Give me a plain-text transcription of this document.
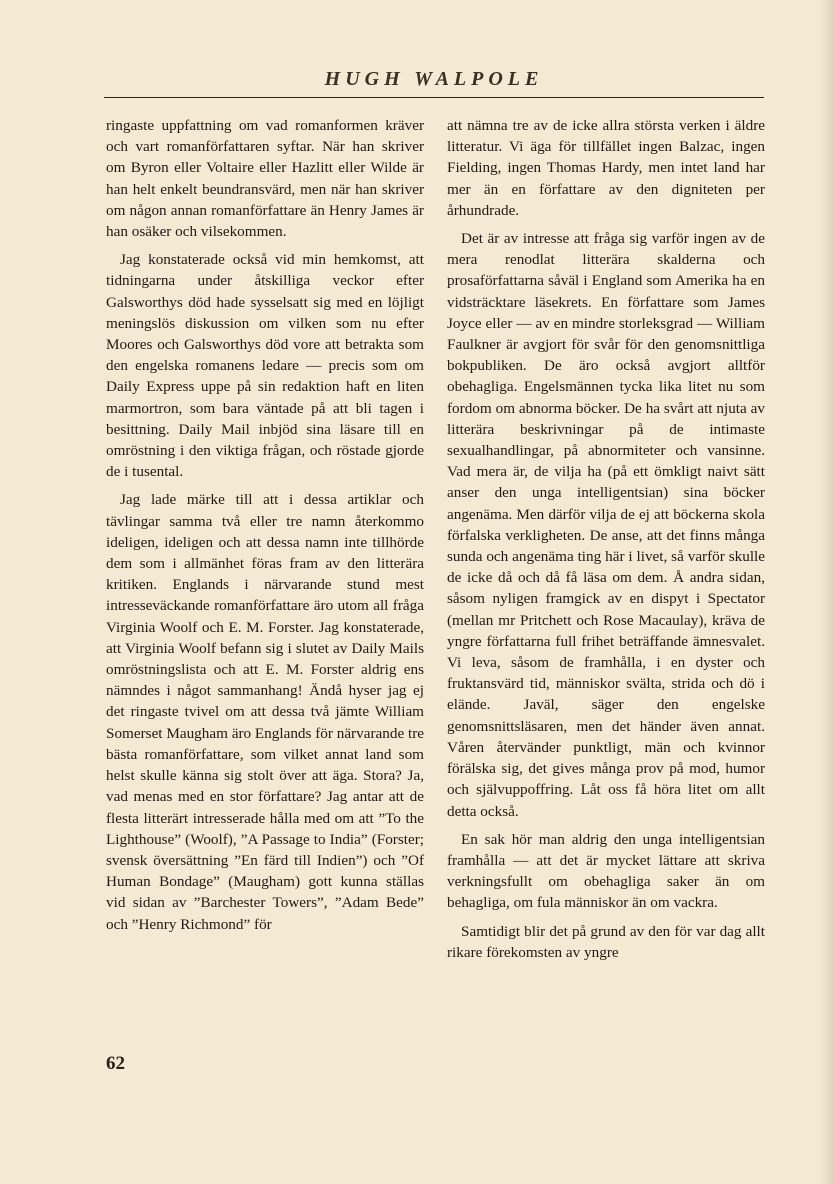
HUGH WALPOLE

ringaste uppfattning om vad romanformen kräver och vart romanförfattaren syftar. När han skriver om Byron eller Voltaire eller Hazlitt eller Wilde är han helt enkelt beundransvärd, men när han skriver om någon annan romanförfattare än Henry James är han osäker och vilsekommen.

Jag konstaterade också vid min hemkomst, att tidningarna under åtskilliga veckor efter Galsworthys död hade sysselsatt sig med en löjligt meningslös diskussion om vilken som nu efter Moores och Galsworthys död vore att betrakta som den engelska romanens ledare — precis som om Daily Express uppe på sin redaktion haft en liten marmortron, som bara väntade på att bli tagen i besittning. Daily Mail inbjöd sina läsare till en omröstning i den viktiga frågan, och röstade gjorde de i tusental.

Jag lade märke till att i dessa artiklar och tävlingar samma två eller tre namn återkommo ideligen, ideligen och att dessa namn inte tillhörde dem som i allmänhet föras fram av den litterära kritiken. Englands i närvarande stund mest intresseväckande romanförfattare äro utom all fråga Virginia Woolf och E. M. Forster. Jag konstaterade, att Virginia Woolf befann sig i slutet av Daily Mails omröstningslista och att E. M. Forster aldrig ens nämndes i något sammanhang! Ändå hyser jag ej det ringaste tvivel om att dessa två jämte William Somerset Maugham äro Englands för närvarande tre bästa romanförfattare, som vilket annat land som helst skulle känna sig stolt över att äga. Stora? Ja, vad menas med en stor författare? Jag antar att de flesta litterärt intresserade hålla med om att ”To the Lighthouse” (Woolf), ”A Passage to India” (Forster; svensk översättning ”En färd till Indien”) och ”Of Human Bondage” (Maugham) gott kunna ställas vid sidan av ”Barchester Towers”, ”Adam Bede” och ”Henry Richmond” för

att nämna tre av de icke allra största verken i äldre litteratur. Vi äga för tillfället ingen Balzac, ingen Fielding, ingen Thomas Hardy, men intet land har mer än en författare av den digniteten per århundrade.

Det är av intresse att fråga sig varför ingen av de mera renodlat litterära skalderna och prosaförfattarna såväl i England som Amerika ha en vidsträcktare läsekrets. En författare som James Joyce eller — av en mindre storleksgrad — William Faulkner är avgjort för svår för den genomsnittliga bokpubliken. De äro också avgjort alltför obehagliga. Engelsmännen tycka lika litet nu som fordom om abnorma böcker. De ha svårt att njuta av litterära beskrivningar på de intimaste sexualhandlingar, på abnormiteter och vansinne. Vad mera är, de vilja ha (på ett ömkligt naivt sätt anser den unga intelligentsian) sina böcker angenäma. Men därför vilja de ej att böckerna skola förfalska verkligheten. De anse, att det finns många sunda och angenäma ting här i livet, så varför skulle de icke då och då få läsa om dem. Å andra sidan, såsom nyligen framgick av en dispyt i Spectator (mellan mr Pritchett och Rose Macaulay), kräva de yngre författarna full frihet beträffande ämnesvalet. Vi leva, såsom de framhålla, i en dyster och fruktansvärd tid, människor svälta, strida och dö i elände. Javäl, säger den engelske genomsnittsläsaren, men det händer även annat. Våren återvänder punktligt, män och kvinnor förälska sig, det gives många prov på mod, humor och självuppoffring. Låt oss få höra litet om allt detta också.

En sak hör man aldrig den unga intelligentsian framhålla — att det är mycket lättare att skriva verkningsfullt om obehagliga saker än om behagliga, om fula människor än om vackra.

Samtidigt blir det på grund av den för var dag allt rikare förekomsten av yngre

62
